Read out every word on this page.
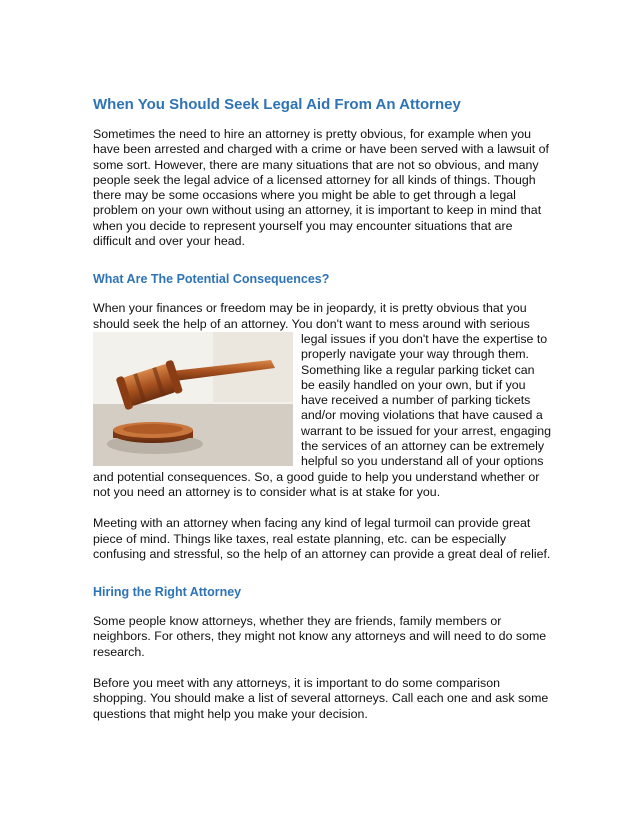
When You Should Seek Legal Aid From An Attorney

Sometimes the need to hire an attorney is pretty obvious, for example when you have been arrested and charged with a crime or have been served with a lawsuit of some sort. However, there are many situations that are not so obvious, and many people seek the legal advice of a licensed attorney for all kinds of things. Though there may be some occasions where you might be able to get through a legal problem on your own without using an attorney, it is important to keep in mind that when you decide to represent yourself you may encounter situations that are difficult and over your head.

What Are The Potential Consequences?

When your finances or freedom may be in jeopardy, it is pretty obvious that you should seek the help of an attorney. You don't want to mess around with serious

legal issues if you don't have the expertise to properly navigate your way through them. Something like a regular parking ticket can be easily handled on your own, but if you have received a number of parking tickets and/or moving violations that have caused a warrant to be issued for your arrest, engaging the services of an attorney can be extremely helpful so you understand all of your options and potential consequences. So, a good guide to help you understand whether or not you need an attorney is to consider what is at stake for you.

Meeting with an attorney when facing any kind of legal turmoil can provide great piece of mind. Things like taxes, real estate planning, etc. can be especially confusing and stressful, so the help of an attorney can provide a great deal of relief.

Hiring the Right Attorney

Some people know attorneys, whether they are friends, family members or neighbors. For others, they might not know any attorneys and will need to do some research.

Before you meet with any attorneys, it is important to do some comparison shopping. You should make a list of several attorneys. Call each one and ask some questions that might help you make your decision.
